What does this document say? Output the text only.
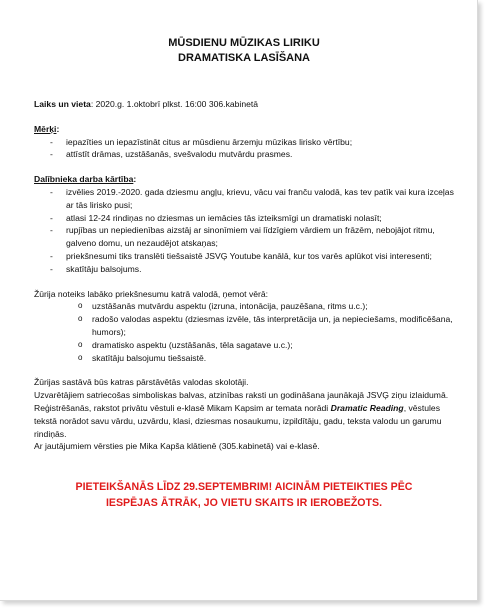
MŪSDIENU MŪZIKAS LIRIKU
DRAMATISKA LASĪŠANA

Laiks un vieta: 2020.g. 1.oktobrī plkst. 16:00 306.kabinetā

Mērķi:

- iepazīties un iepazīstināt citus ar mūsdienu ārzemju mūzikas lirisko vērtību;
- attīstīt drāmas, uzstāšanās, svešvalodu mutvārdu prasmes.

Dalībnieka darba kārtība:

- izvēlies 2019.-2020. gada dziesmu angļu, krievu, vācu vai franču valodā, kas tev patīk vai kura izceļas ar tās lirisko pusi;
- atlasi 12-24 rindiņas no dziesmas un iemācies tās izteiksmīgi un dramatiski nolasīt;
- rupjības un nepiedienības aizstāj ar sinonīmiem vai līdzīgiem vārdiem un frāzēm, nebojājot ritmu, galveno domu, un nezaudējot atskaņas;
- priekšnesumi tiks translēti tiešsaistē JSVĢ Youtube kanālā, kur tos varēs aplūkot visi interesenti;
- skatītāju balsojums.

Žūrija noteiks labāko priekšnesumu katrā valodā, ņemot vērā:

o uzstāšanās mutvārdu aspektu (izruna, intonācija, pauzēšana, ritms u.c.);
o radošo valodas aspektu (dziesmas izvēle, tās interpretācija un, ja nepieciešams, modificēšana, humors);
o dramatisko aspektu (uzstāšanās, tēla sagatave u.c.);
o skatītāju balsojumu tiešsaistē.

Žūrijas sastāvā būs katras pārstāvētās valodas skolotāji.

Uzvarētājiem satriecošas simboliskas balvas, atzinības raksti un godināšana jaunākajā JSVĢ ziņu izlaidumā.

Reģistrēšanās, rakstot privātu vēstuli e-klasē Mikam Kapsim ar temata norādi Dramatic Reading, vēstules tekstā norādot savu vārdu, uzvārdu, klasi, dziesmas nosaukumu, izpildītāju, gadu, teksta valodu un garumu rindiņās.

Ar jautājumiem vērsties pie Mika Kapša klātienē (305.kabinetā) vai e-klasē.

PIETEIKŠANĀS LĪDZ 29.SEPTEMBRIM! AICINĀM PIETEIKTIES PĒC
IESPĒJAS ĀTRĀK, JO VIETU SKAITS IR IEROBEŽOTS.
